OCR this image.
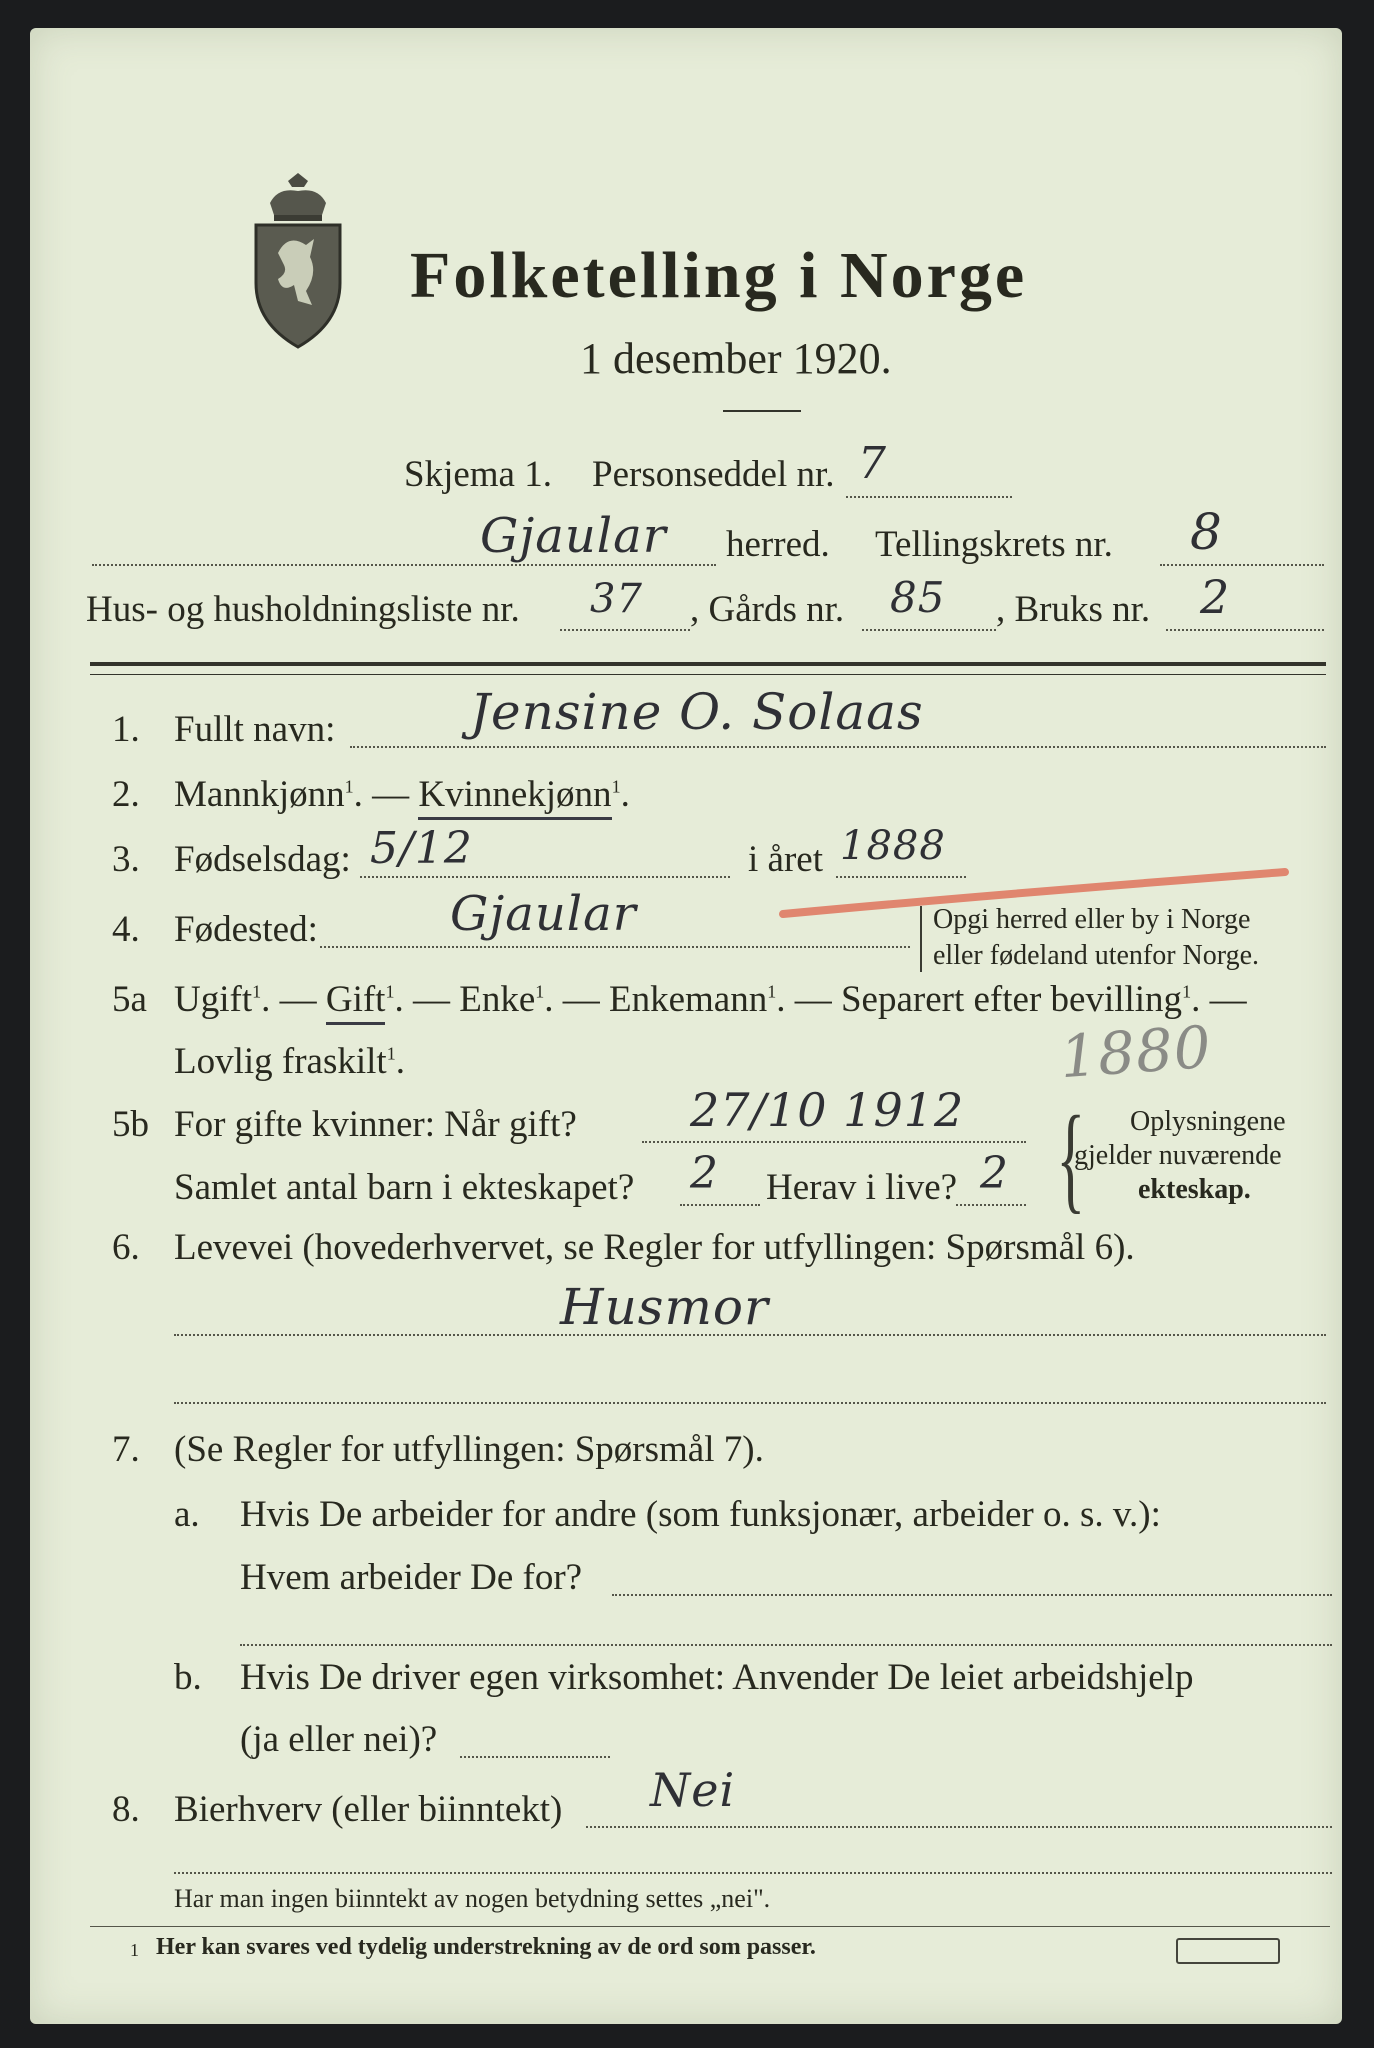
Folketelling i Norge
1 desember 1920.
Skjema 1. Personseddel nr. 7
Gjaular herred. Tellingskrets nr. 8
Hus- og husholdningsliste nr. 37 , Gårds nr. 85 , Bruks nr. 2
1. Fullt navn:	Jensine O. Solaas
2. Mannkjønn$^1$. — Kvinnekjønn$^1$.
3. Fødselsdag: 5/12	i året 1888
4. Fødested:	Gjaular	Opgi herred eller by i Norge
eller fødeland utenfor Norge.
5a Ugift$^1$. — Gift$^1$. — Enke$^1$. — Enkemann$^1$. — Separert efter bevilling$^1$. —
Lovlig fraskilt$^1$.	1880
5b For gifte kvinner: Når gift? 27/10 1912
Samlet antal barn i ekteskapet? 2 Herav i live? 2 { Oplysningene
gjelder nuværende
ekteskap.
6. Levevei (hovederhvervet, se Regler for utfyllingen: Spørsmål 6).
Husmor
7. (Se Regler for utfyllingen: Spørsmål 7).
a. Hvis De arbeider for andre (som funksjonær, arbeider o. s. v.):
Hvem arbeider De for?
b. Hvis De driver egen virksomhet: Anvender De leiet arbeidshjelp
(ja eller nei)?
8. Bierhverv (eller biinntekt) Nei
Har man ingen biinntekt av nogen betydning settes „nei".
1 Her kan svares ved tydelig understrekning av de ord som passer.
